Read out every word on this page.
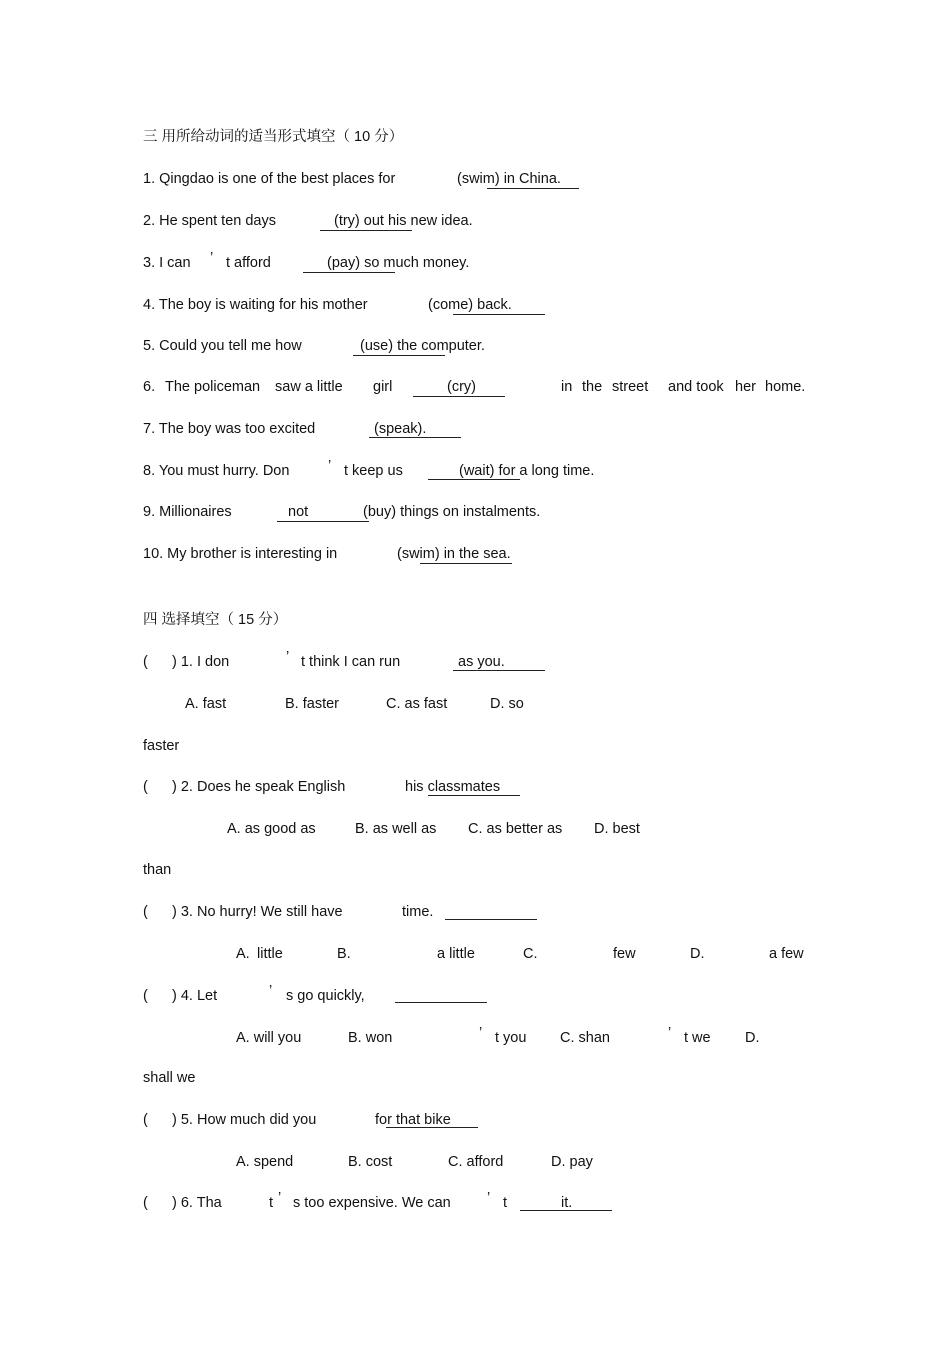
三 用所给动词的适当形式填空（ 10 分）
1. Qingdao is one of the best places for	(swim) in China.
2. He spent ten days	(try) out his new idea.
3. I can ’ t afford	(pay) so much money.
4. The boy is waiting for his mother	(come) back.
5. Could you tell me how	(use) the computer.
6. The policeman saw a little girl	(cry)	in the street and took her home.
7. The boy was too excited	(speak).
8. You must hurry. Don	’ t keep us	(wait) for a long time.
9. Millionaires	not	(buy) things on instalments.
10. My brother is interesting in	(swim) in the sea.
四 选择填空（ 15 分）
( ) 1. I don	’ t think I can run	as you.
A. fast	B. faster	C. as fast	D. so
faster
( ) 2. Does he speak English	his classmates
A. as good as	B. as well as C. as better as D. best
than
( ) 3. No hurry! We still have	time.
A. little	B.	a little	C.	few	D.	a few
( ) 4. Let	’ s go quickly,
A. will you	B. won	’ t you C. shan	’ t we D.
shall we
( ) 5. How much did you	for that bike
A. spend	B. cost	C. afford	D. pay
( ) 6. Tha	t ’ s too expensive. We can	’ t	it.
